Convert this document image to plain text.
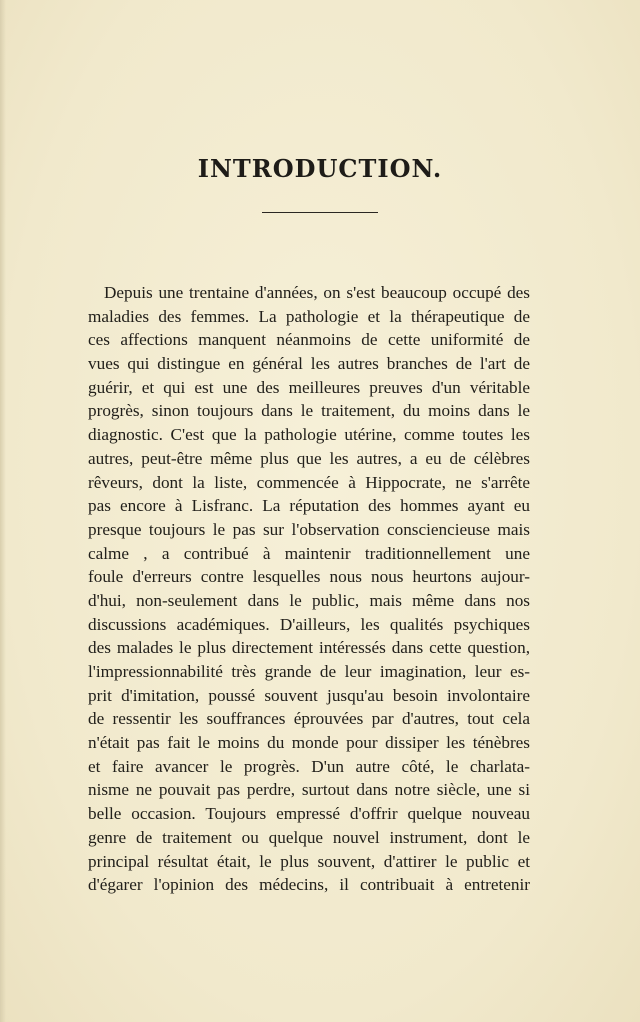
INTRODUCTION.
Depuis une trentaine d'années, on s'est beaucoup occupé des
maladies des femmes. La pathologie et la thérapeutique de
ces affections manquent néanmoins de cette uniformité de
vues qui distingue en général les autres branches de l'art de
guérir, et qui est une des meilleures preuves d'un véritable
progrès, sinon toujours dans le traitement, du moins dans le
diagnostic. C'est que la pathologie utérine, comme toutes les
autres, peut-être même plus que les autres, a eu de célèbres
rêveurs, dont la liste, commencée à Hippocrate, ne s'arrête
pas encore à Lisfranc. La réputation des hommes ayant eu
presque toujours le pas sur l'observation consciencieuse mais
calme , a contribué à maintenir traditionnellement une
foule d'erreurs contre lesquelles nous nous heurtons aujour-
d'hui, non-seulement dans le public, mais même dans nos
discussions académiques. D'ailleurs, les qualités psychiques
des malades le plus directement intéressés dans cette question,
l'impressionnabilité très grande de leur imagination, leur es-
prit d'imitation, poussé souvent jusqu'au besoin involontaire
de ressentir les souffrances éprouvées par d'autres, tout cela
n'était pas fait le moins du monde pour dissiper les ténèbres
et faire avancer le progrès. D'un autre côté, le charlata-
nisme ne pouvait pas perdre, surtout dans notre siècle, une si
belle occasion. Toujours empressé d'offrir quelque nouveau
genre de traitement ou quelque nouvel instrument, dont le
principal résultat était, le plus souvent, d'attirer le public et
d'égarer l'opinion des médecins, il contribuait à entretenir
